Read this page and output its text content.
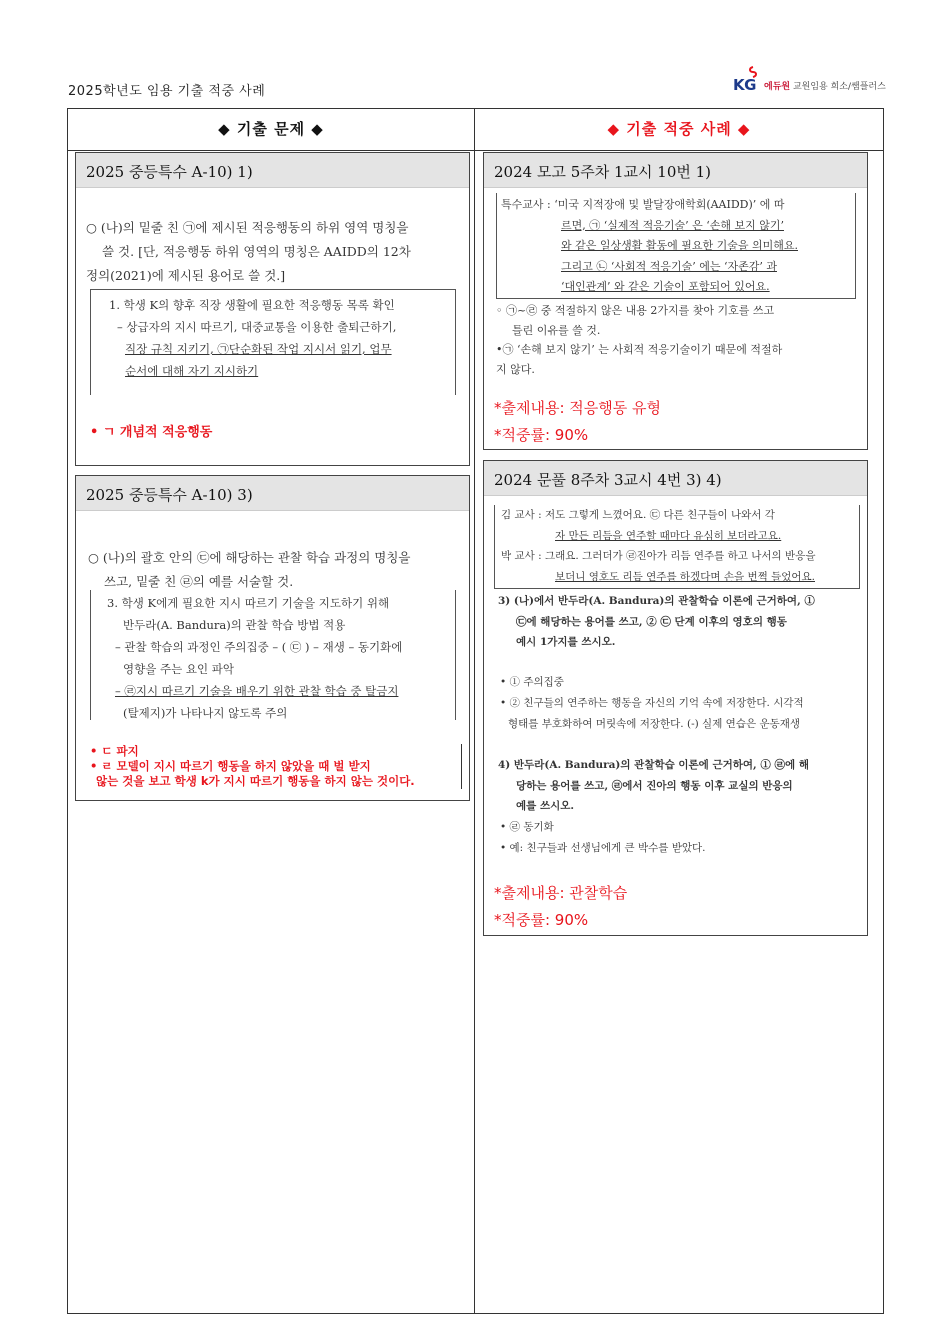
2025학년도 임용 기출 적중 사례	KG 에듀원 교원임용 희소/쌤플러스
◆ 기출 문제 ◆	◆ 기출 적중 사례 ◆
2025 중등특수 A-10) 1)
○ (나)의 밑줄 친 ㉠에 제시된 적응행동의 하위 영역 명칭을
쓸 것. [단, 적응행동 하위 영역의 명칭은 AAIDD의 12차
정의(2021)에 제시된 용어로 쓸 것.]
1. 학생 K의 향후 직장 생활에 필요한 적응행동 목록 확인
– 상급자의 지시 따르기, 대중교통을 이용한 출퇴근하기,
직장 규칙 지키기, ㉠단순화된 작업 지시서 읽기, 업무
순서에 대해 자기 지시하기
• ㄱ 개념적 적응행동
2025 중등특수 A-10) 3)
○ (나)의 괄호 안의 ㉢에 해당하는 관찰 학습 과정의 명칭을
쓰고, 밑줄 친 ㉣의 예를 서술할 것.
3. 학생 K에게 필요한 지시 따르기 기술을 지도하기 위해
반두라(A. Bandura)의 관찰 학습 방법 적용
– 관찰 학습의 과정인 주의집중 – ( ㉢ ) – 재생 – 동기화에
영향을 주는 요인 파악
– ㉣지시 따르기 기술을 배우기 위한 관찰 학습 중 탈금지
(탈제지)가 나타나지 않도록 주의
• ㄷ 파지
• ㄹ 모델이 지시 따르기 행동을 하지 않았을 때 벌 받지
않는 것을 보고 학생 k가 지시 따르기 행동을 하지 않는 것이다.
2024 모고 5주차 1교시 10번 1)
특수교사 : ‘미국 지적장애 및 발달장애학회(AAIDD)’ 에 따
르면, ㉠ ‘실제적 적응기술’ 은 ‘손해 보지 않기’
와 같은 일상생활 활동에 필요한 기술을 의미해요.
그리고 ㉡ ‘사회적 적응기술’ 에는 ‘자존감’ 과
‘대인관계’ 와 같은 기술이 포함되어 있어요.
◦ ㉠~㉣ 중 적절하지 않은 내용 2가지를 찾아 기호를 쓰고
틀린 이유를 쓸 것.
•㉠ ‘손해 보지 않기’ 는 사회적 적응기술이기 때문에 적절하
지 않다.
*출제내용: 적응행동 유형
*적중률: 90%
2024 문풀 8주차 3교시 4번 3) 4)
김 교사 : 저도 그렇게 느꼈어요. ㉢ 다른 친구들이 나와서 각
자 만든 리듬을 연주할 때마다 유심히 보더라고요.
박 교사 : 그래요. 그러더가 ㉣진아가 리듬 연주를 하고 나서의 반응을
보더니 영호도 리듬 연주를 하겠다며 손을 번쩍 들었어요.
3) (나)에서 반두라(A. Bandura)의 관찰학습 이론에 근거하여, ①
㉢에 해당하는 용어를 쓰고, ② ㉢ 단계 이후의 영호의 행동
예시 1가지를 쓰시오.
• ① 주의집중
• ② 친구들의 연주하는 행동을 자신의 기억 속에 저장한다. 시각적
형태를 부호화하여 머릿속에 저장한다. (-) 실제 연습은 운동재생
4) 반두라(A. Bandura)의 관찰학습 이론에 근거하여, ① ㉣에 해
당하는 용어를 쓰고, ㉣에서 진아의 행동 이후 교실의 반응의
예를 쓰시오.
• ㉣ 동기화
• 예: 친구들과 선생님에게 큰 박수를 받았다.
*출제내용: 관찰학습
*적중률: 90%
